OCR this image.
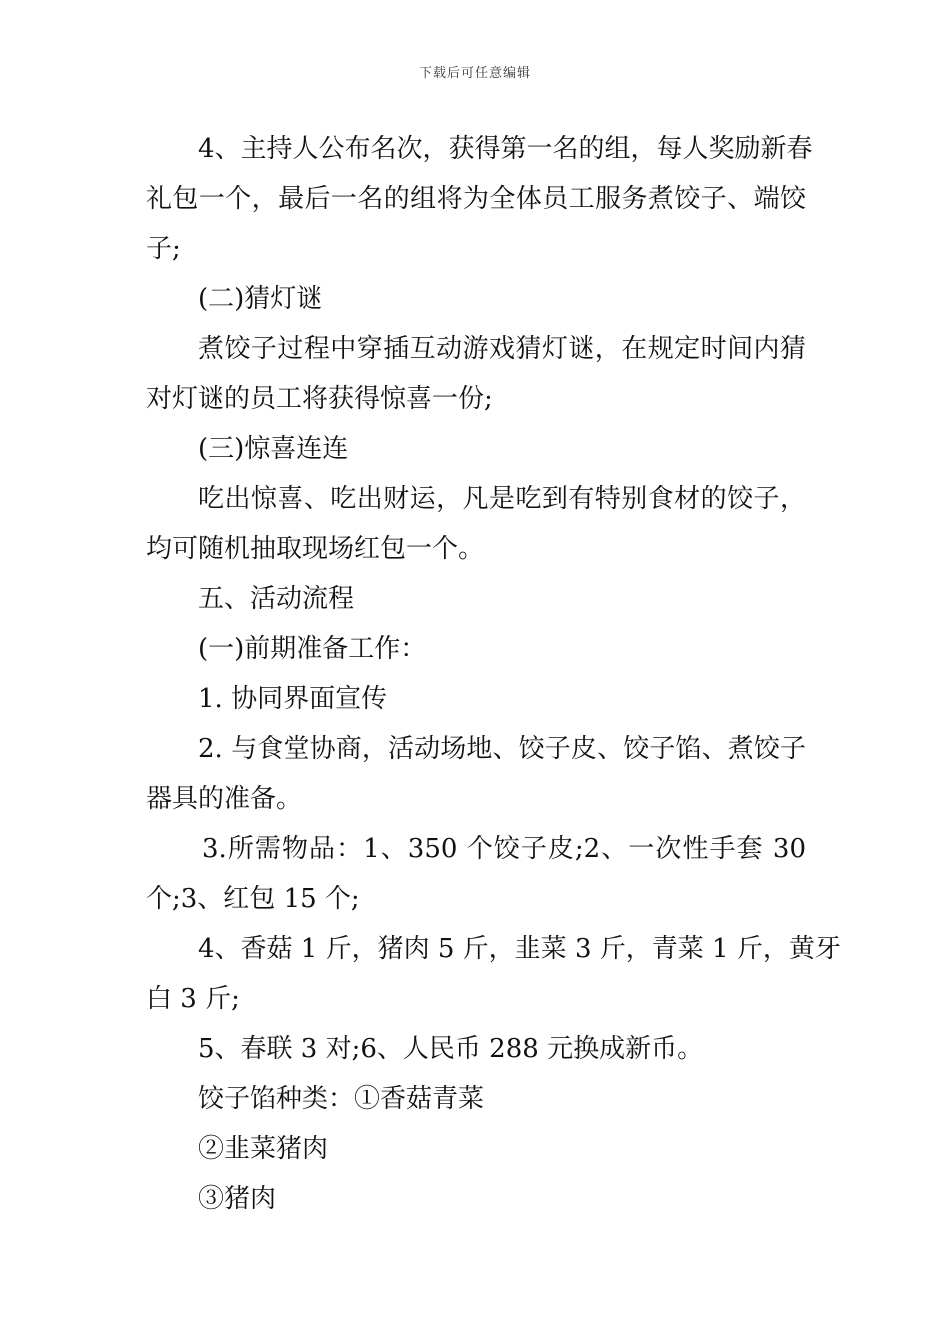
下载后可任意编辑
4、主持人公布名次，获得第一名的组，每人奖励新春
礼包一个，最后一名的组将为全体员工服务煮饺子、端饺
子;
(二)猜灯谜
煮饺子过程中穿插互动游戏猜灯谜，在规定时间内猜
对灯谜的员工将获得惊喜一份;
(三)惊喜连连
吃出惊喜、吃出财运，凡是吃到有特别食材的饺子，
均可随机抽取现场红包一个。
五、活动流程
(一)前期准备工作：
1. 协同界面宣传
2. 与食堂协商，活动场地、饺子皮、饺子馅、煮饺子
器具的准备。
3.所需物品：1、350 个饺子皮;2、一次性手套 30
个;3、红包 15 个;
4、香菇 1 斤，猪肉 5 斤，韭菜 3 斤，青菜 1 斤，黄牙
白 3 斤;
5、春联 3 对;6、人民币 288 元换成新币。
饺子馅种类：①香菇青菜
②韭菜猪肉
③猪肉
